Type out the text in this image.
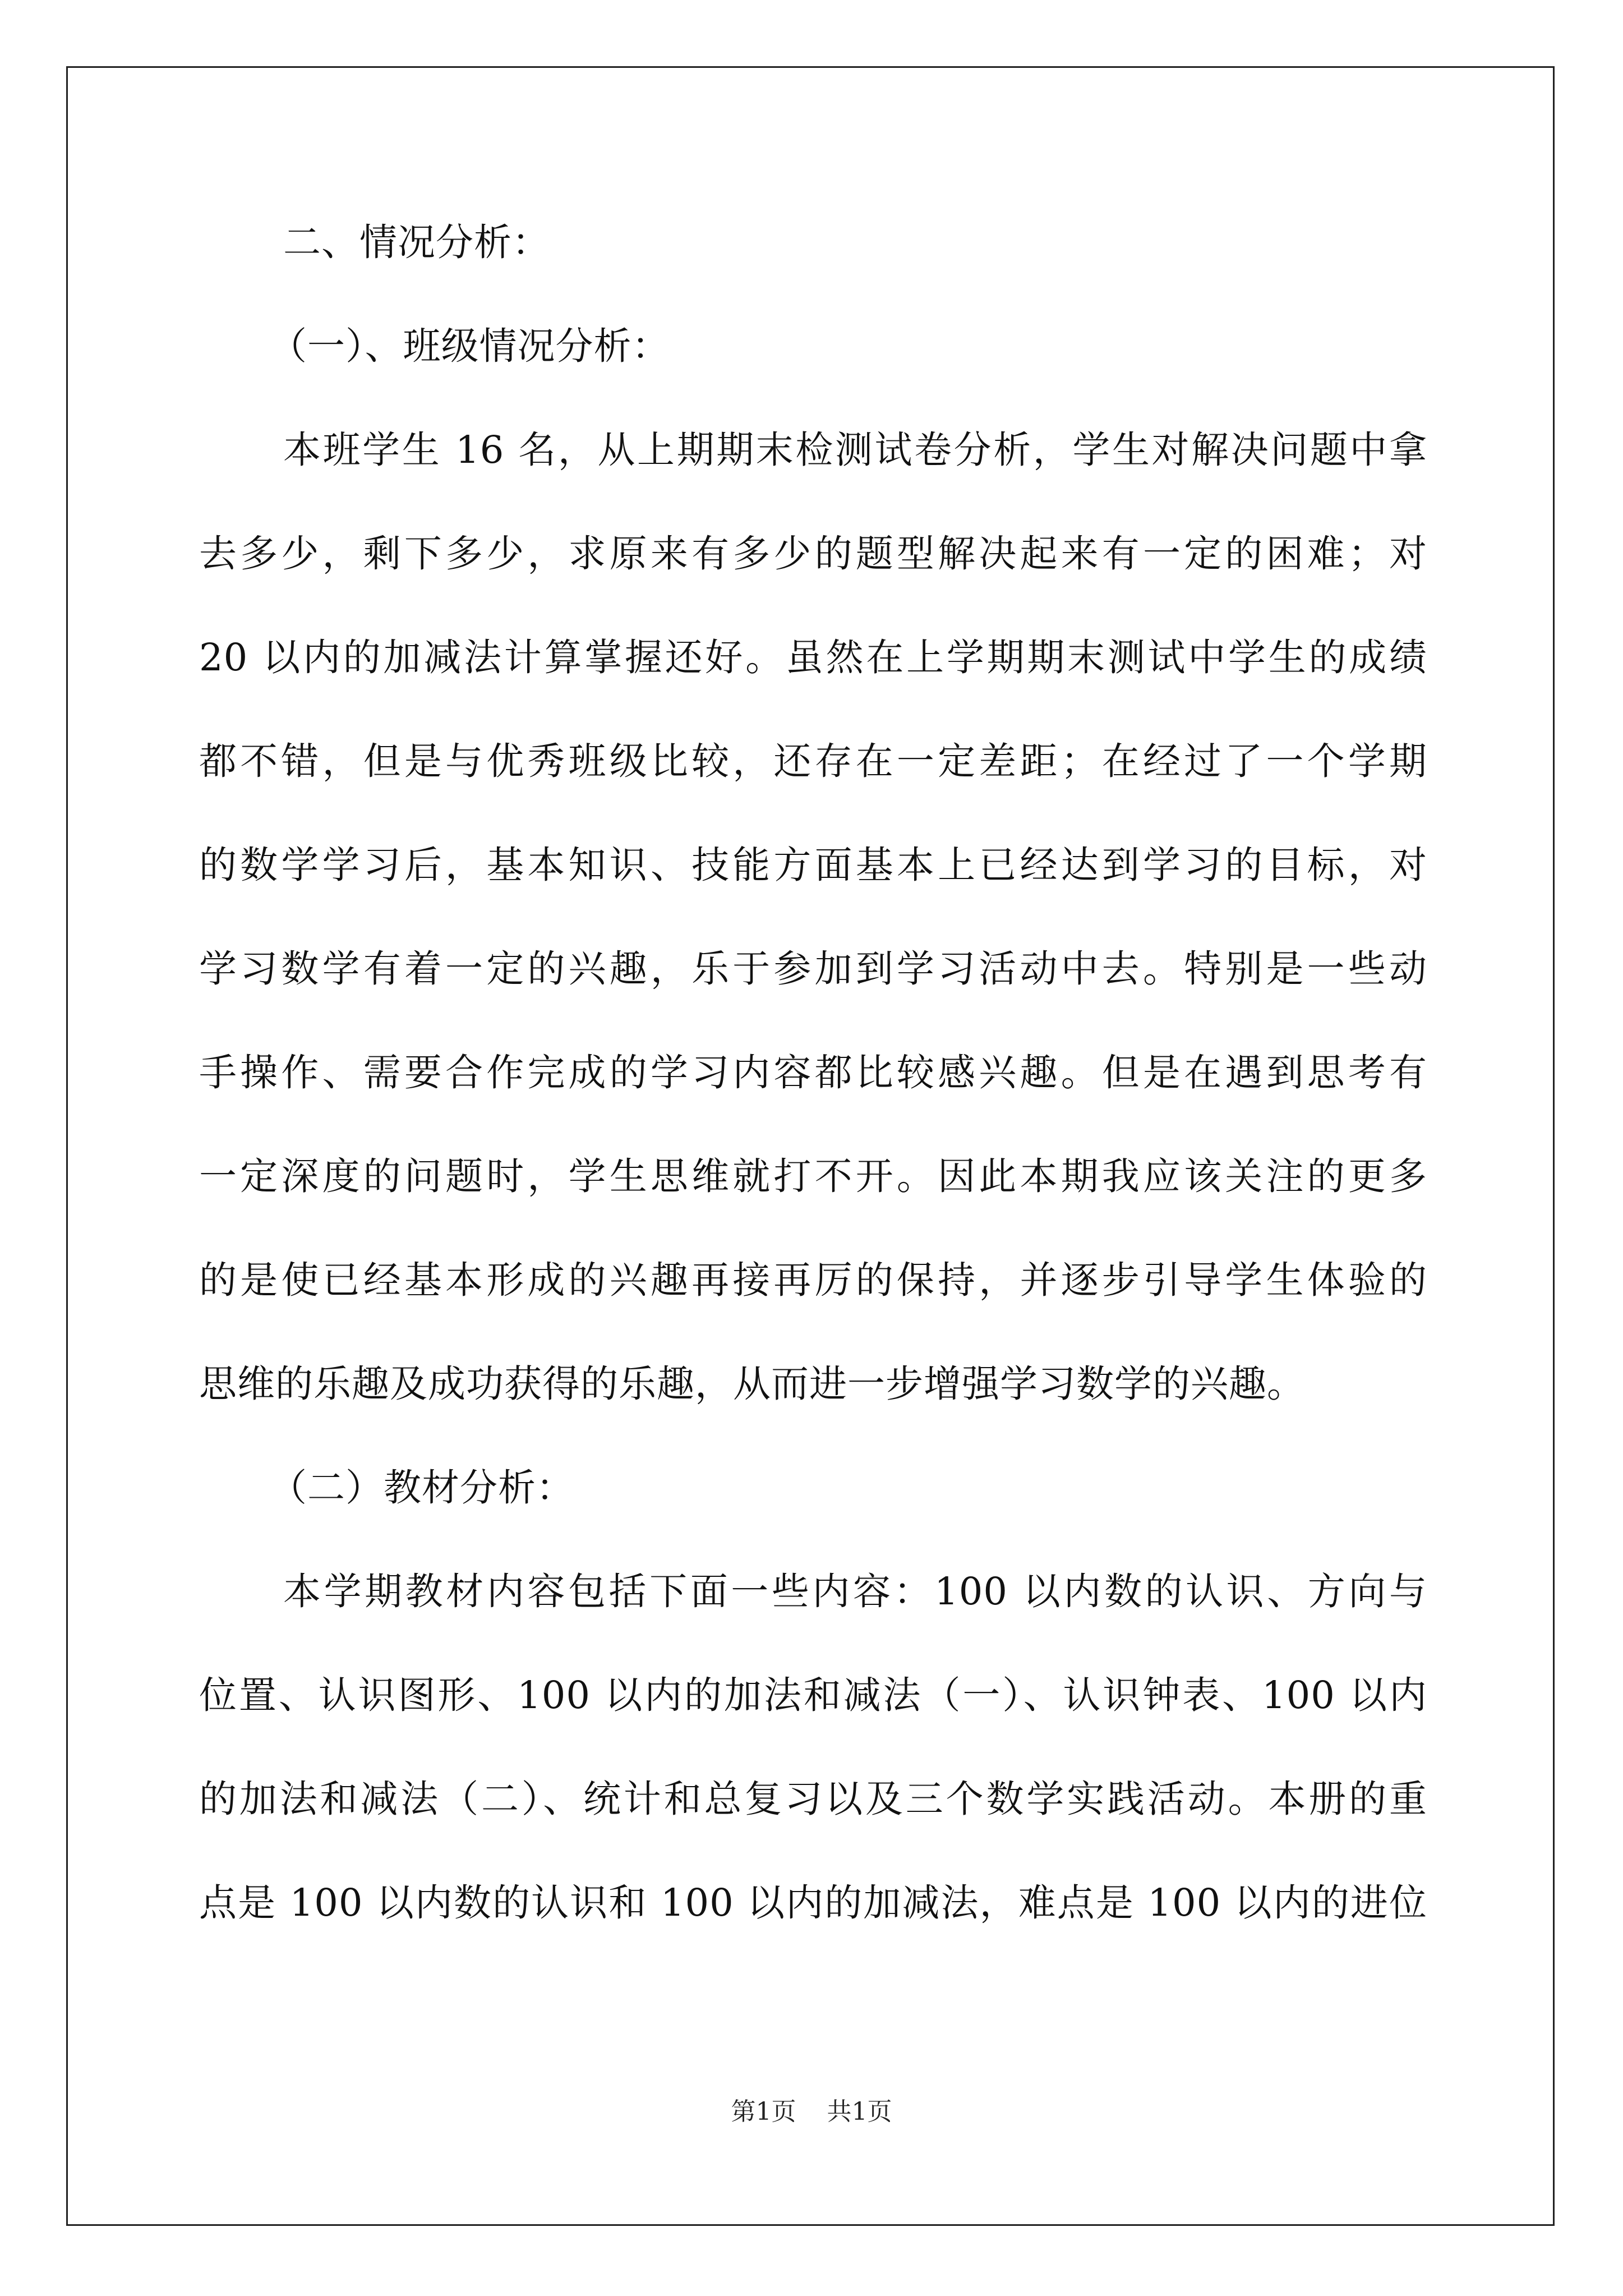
二、情况分析：
（一）、班级情况分析：
本班学生 16 名，从上期期末检测试卷分析，学生对解决问题中拿
去多少，剩下多少，求原来有多少的题型解决起来有一定的困难；对
20 以内的加减法计算掌握还好。虽然在上学期期末测试中学生的成绩
都不错，但是与优秀班级比较，还存在一定差距；在经过了一个学期
的数学学习后，基本知识、技能方面基本上已经达到学习的目标，对
学习数学有着一定的兴趣，乐于参加到学习活动中去。特别是一些动
手操作、需要合作完成的学习内容都比较感兴趣。但是在遇到思考有
一定深度的问题时，学生思维就打不开。因此本期我应该关注的更多
的是使已经基本形成的兴趣再接再厉的保持，并逐步引导学生体验的
思维的乐趣及成功获得的乐趣，从而进一步增强学习数学的兴趣。
（二）教材分析：
本学期教材内容包括下面一些内容：100 以内数的认识、方向与
位置、认识图形、100 以内的加法和减法（一）、认识钟表、100 以内
的加法和减法（二）、统计和总复习以及三个数学实践活动。本册的重
点是 100 以内数的认识和 100 以内的加减法，难点是 100 以内的进位
第1页 共1页
